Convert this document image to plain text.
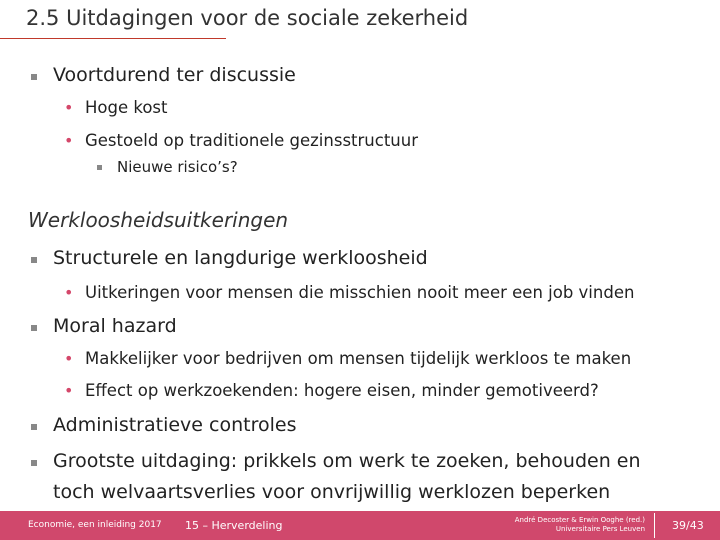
2.5 Uitdagingen voor de sociale zekerheid
Voortdurend ter discussie
• Hoge kost
• Gestoeld op traditionele gezinsstructuur
Nieuwe risico’s?
Werkloosheidsuitkeringen
Structurele en langdurige werkloosheid
• Uitkeringen voor mensen die misschien nooit meer een job vinden
Moral hazard
• Makkelijker voor bedrijven om mensen tijdelijk werkloos te maken
• Effect op werkzoekenden: hogere eisen, minder gemotiveerd?
Administratieve controles
Grootste uitdaging: prikkels om werk te zoeken, behouden en
toch welvaartsverlies voor onvrijwillig werklozen beperken
Economie, een inleiding 2017 15 – Herverdeling	André Decoster & Erwin Ooghe (red.)
Universitaire Pers Leuven 39/43
